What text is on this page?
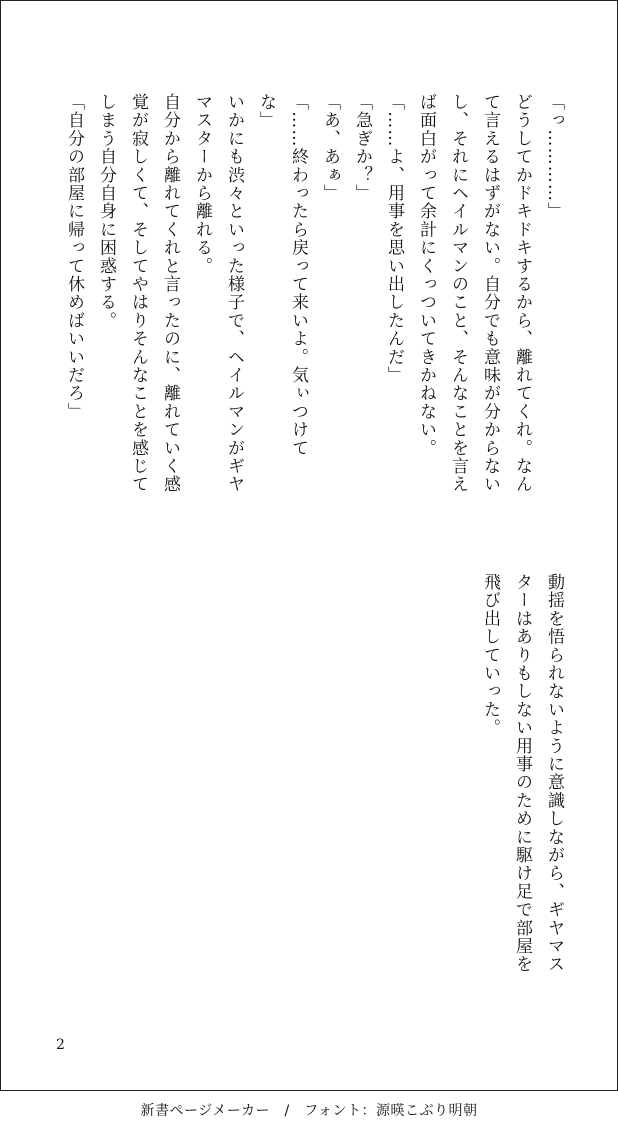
「っ…………」
どうしてかドキドキするから、離れてくれ。なん
て言えるはずがない。自分でも意味が分からない
し、それにヘイルマンのこと、そんなことを言え
ば面白がって余計にくっついてきかねない。
「……よ、用事を思い出したんだ」
「急ぎか？」
「あ、あぁ」
「……終わったら戻って来いよ。気ぃつけて
な」
いかにも渋々といった様子で、ヘイルマンがギヤ
マスターから離れる。
自分から離れてくれと言ったのに、離れていく感
覚が寂しくて、そしてやはりそんなことを感じて
しまう自分自身に困惑する。
「自分の部屋に帰って休めばいいだろ」
動揺を悟られないように意識しながら、ギヤマス
ターはありもしない用事のために駆け足で部屋を
飛び出していった。
2
新書ページメーカー　/　フォント：源暎こぶり明朝
